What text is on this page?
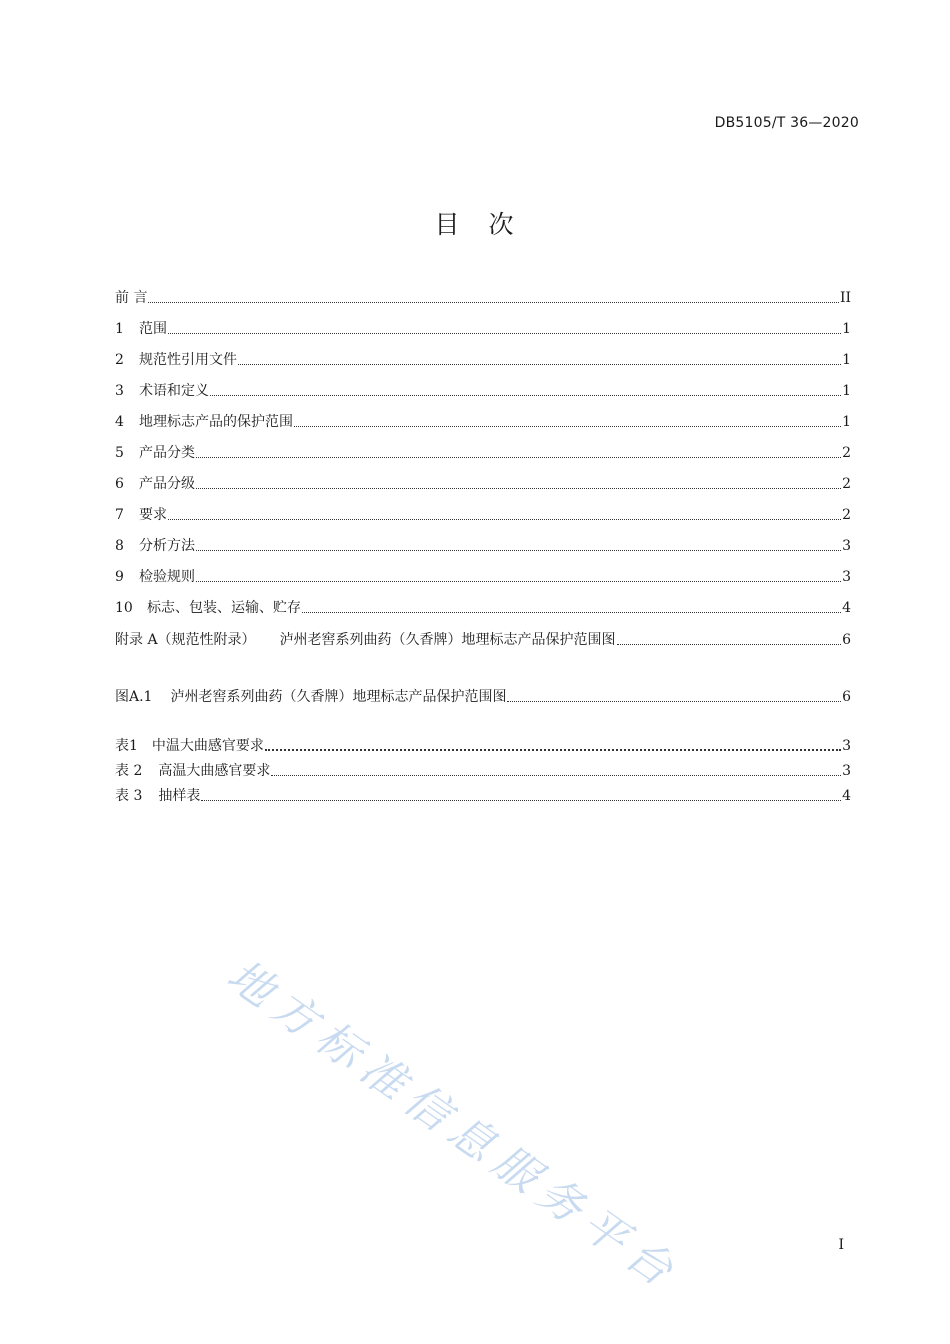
DB5105/T 36—2020
目　次
前 言	II
1	范围	1
2	规范性引用文件	1
3	术语和定义	1
4	地理标志产品的保护范围	1
5	产品分类	2
6	产品分级	2
7	要求	2
8	分析方法	3
9	检验规则	3
10	标志、包装、运输、贮存	4
附录 A（规范性附录）	泸州老窖系列曲药（久香牌）地理标志产品保护范围图	6
图A.1	泸州老窖系列曲药（久香牌）地理标志产品保护范围图	6
表1	中温大曲感官要求	3
表 2	高温大曲感官要求	3
表 3	抽样表	4
地方标准信息服务平台	I
